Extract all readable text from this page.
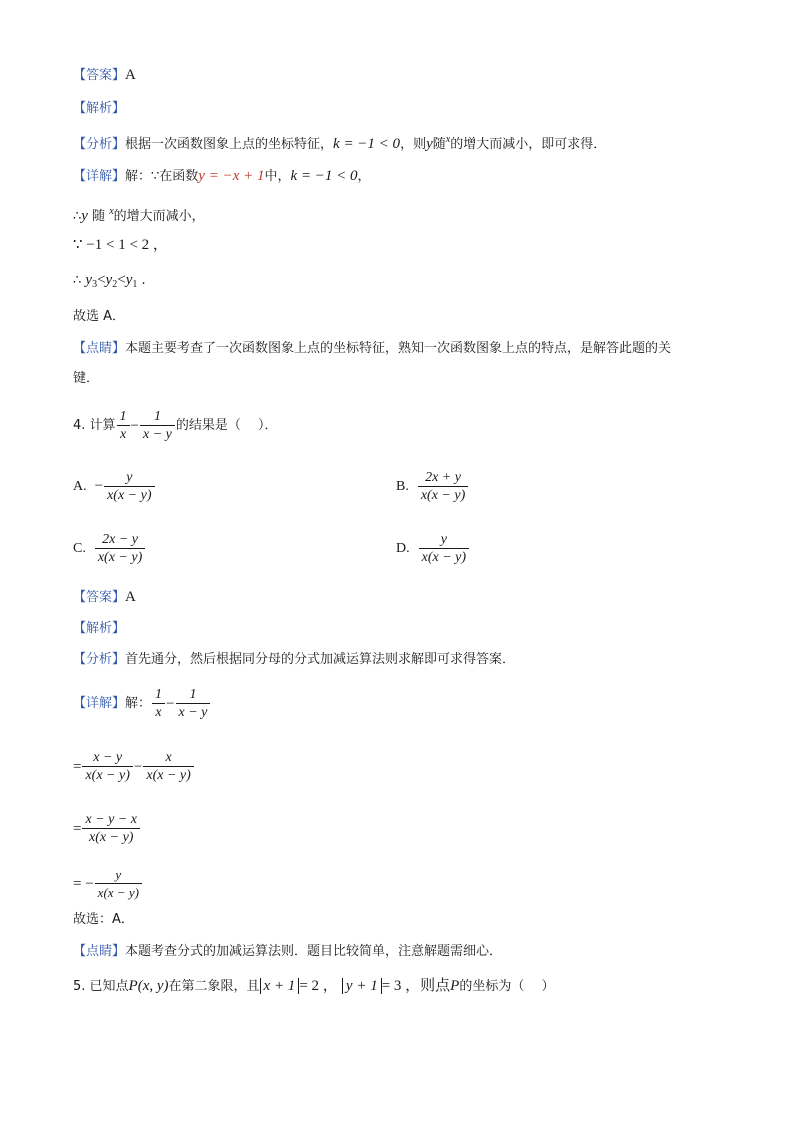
【答案】A
【解析】
【分析】根据一次函数图象上点的坐标特征，k = −1 < 0，则y随$^x$的增大而减小，即可求得．
【详解】解：∵在函数y = −x + 1中，k = −1 < 0，
∴y 随 $^x$的增大而减小，
∵ −1 < 1 < 2 ，
∴ $y_3<y_2<y_1$ .
故选 A．
【点睛】本题主要考查了一次函数图象上点的坐标特征，熟知一次函数图象上点的特点，是解答此题的关
键．
4. 计算 $\frac{1}{x} - \frac{1}{x - y}$ 的结果是（　 ）．
A. − $\frac{y}{x(x - y)}$	B. $\frac{2x + y}{x(x - y)}$
C. $\frac{2x - y}{x(x - y)}$	D. $\frac{y}{x(x - y)}$
【答案】A
【解析】
【分析】首先通分，然后根据同分母的分式加减运算法则求解即可求得答案．
【详解】解： $\frac{1}{x} - \frac{1}{x - y}$
= $\frac{x - y}{x(x - y)} - \frac{x}{x(x - y)}$
= $\frac{x - y - x}{x(x - y)}$
= − $\frac{y}{x(x - y)}$
故选：A．
【点睛】本题考查分式的加减运算法则．题目比较简单，注意解题需细心．
5. 已知点P(x, y)在第二象限，且 x + 1 = 2 ， y + 1 = 3 ，则点P的坐标为（　 ）
